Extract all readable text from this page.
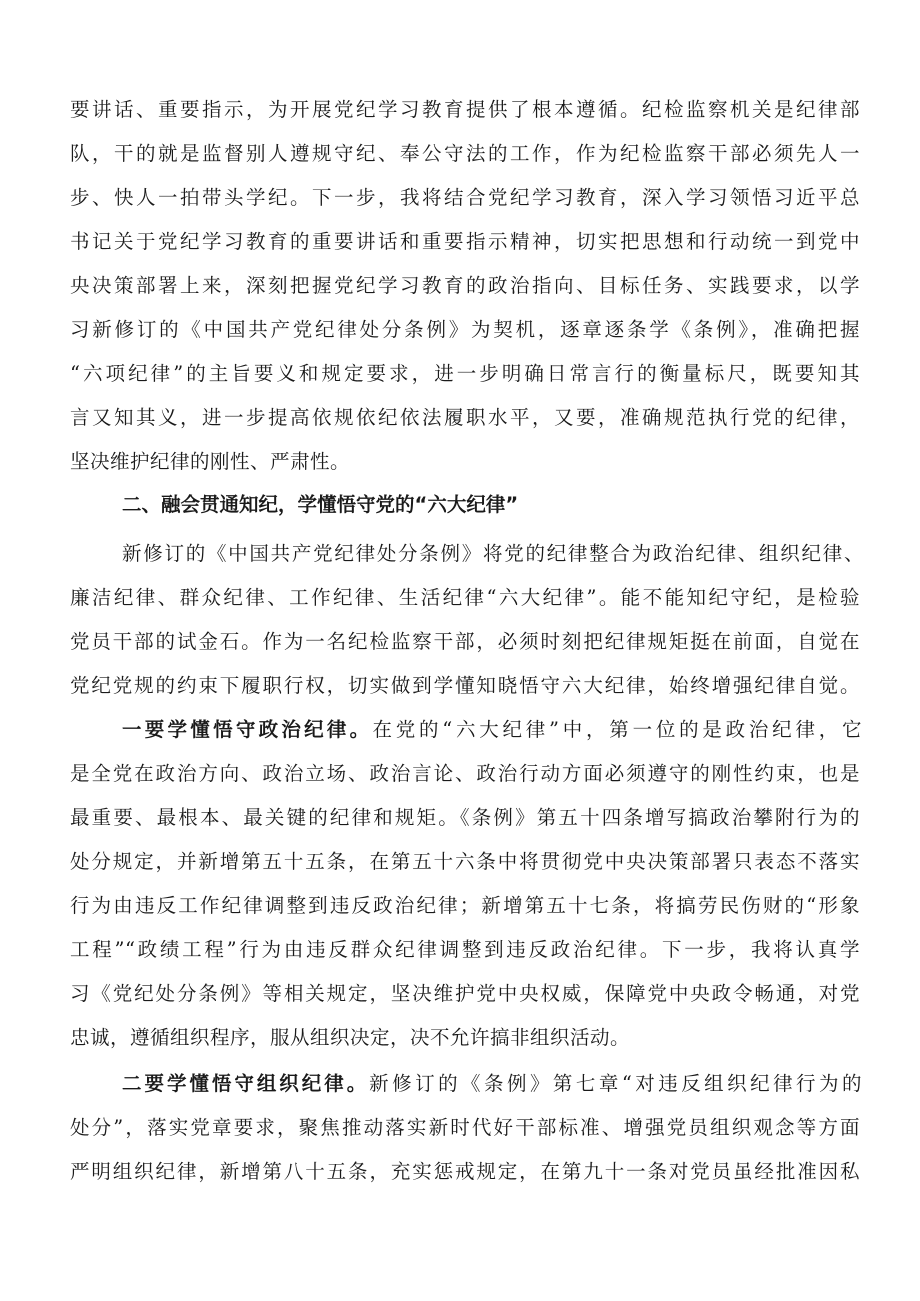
要讲话、重要指示，为开展党纪学习教育提供了根本遵循。纪检监察机关是纪律部
队，干的就是监督别人遵规守纪、奉公守法的工作，作为纪检监察干部必须先人一
步、快人一拍带头学纪。下一步，我将结合党纪学习教育，深入学习领悟习近平总
书记关于党纪学习教育的重要讲话和重要指示精神，切实把思想和行动统一到党中
央决策部署上来，深刻把握党纪学习教育的政治指向、目标任务、实践要求，以学
习新修订的《中国共产党纪律处分条例》为契机，逐章逐条学《条例》，准确把握
“六项纪律”的主旨要义和规定要求，进一步明确日常言行的衡量标尺，既要知其
言又知其义，进一步提高依规依纪依法履职水平，又要，准确规范执行党的纪律，
坚决维护纪律的刚性、严肃性。
二、融会贯通知纪，学懂悟守党的“六大纪律”
新修订的《中国共产党纪律处分条例》将党的纪律整合为政治纪律、组织纪律、
廉洁纪律、群众纪律、工作纪律、生活纪律“六大纪律”。能不能知纪守纪，是检验
党员干部的试金石。作为一名纪检监察干部，必须时刻把纪律规矩挺在前面，自觉在
党纪党规的约束下履职行权，切实做到学懂知晓悟守六大纪律，始终增强纪律自觉。
一要学懂悟守政治纪律。在党的“六大纪律”中，第一位的是政治纪律，它
是全党在政治方向、政治立场、政治言论、政治行动方面必须遵守的刚性约束，也是
最重要、最根本、最关键的纪律和规矩。《条例》第五十四条增写搞政治攀附行为的
处分规定，并新增第五十五条，在第五十六条中将贯彻党中央决策部署只表态不落实
行为由违反工作纪律调整到违反政治纪律；新增第五十七条，将搞劳民伤财的“形象
工程”“政绩工程”行为由违反群众纪律调整到违反政治纪律。下一步，我将认真学
习《党纪处分条例》等相关规定，坚决维护党中央权威，保障党中央政令畅通，对党
忠诚，遵循组织程序，服从组织决定，决不允许搞非组织活动。
二要学懂悟守组织纪律。新修订的《条例》第七章“对违反组织纪律行为的
处分”，落实党章要求，聚焦推动落实新时代好干部标准、增强党员组织观念等方面
严明组织纪律，新增第八十五条，充实惩戒规定，在第九十一条对党员虽经批准因私
